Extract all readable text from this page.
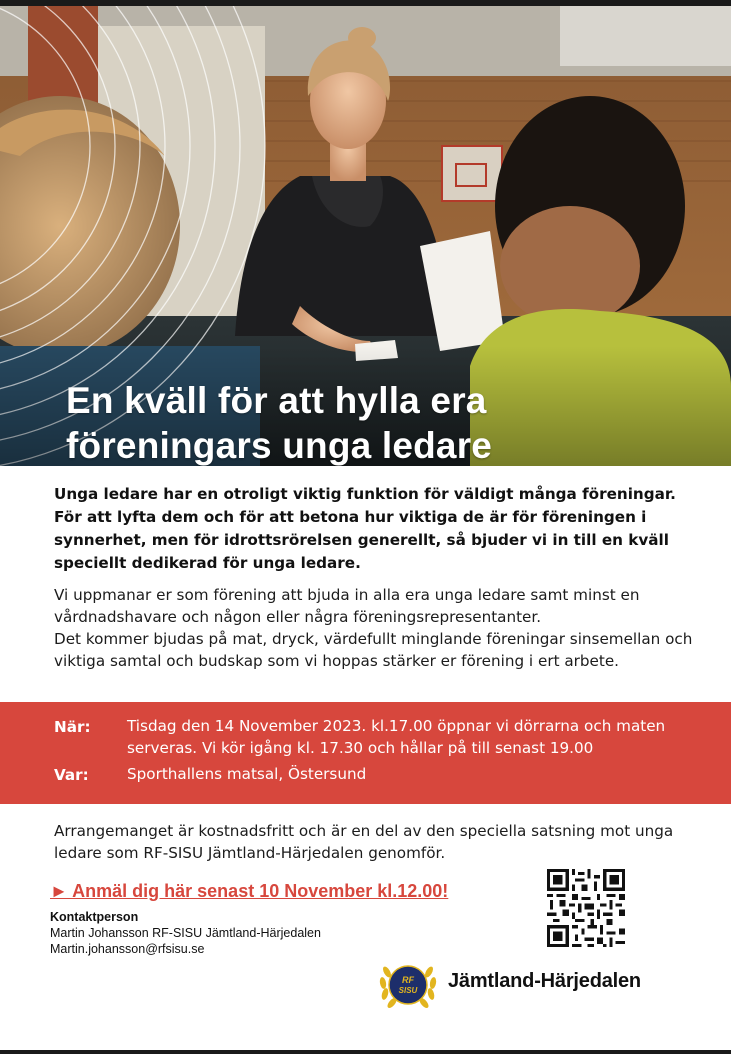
En kväll för att hylla era
föreningars unga ledare

Unga ledare har en otroligt viktig funktion för väldigt många föreningar. För att lyfta dem och för att betona hur viktiga de är för föreningen i synnerhet, men för idrottsrörelsen generellt, så bjuder vi in till en kväll speciellt dedikerad för unga ledare.

Vi uppmanar er som förening att bjuda in alla era unga ledare samt minst en vårdnadshavare och någon eller några föreningsrepresentanter.

Det kommer bjudas på mat, dryck, värdefullt minglande föreningar sinsemellan och viktiga samtal och budskap som vi hoppas stärker er förening i ert arbete.

När: Tisdag den 14 November 2023. kl.17.00 öppnar vi dörrarna och maten serveras. Vi kör igång kl. 17.30 och hållar på till senast 19.00
Var:	Sporthallens matsal, Östersund

Arrangemanget är kostnadsfritt och är en del av den speciella satsning mot unga ledare som RF-SISU Jämtland-Härjedalen genomför.

► Anmäl dig här senast 10 November kl.12.00!
Kontaktperson
Martin Johansson RF-SISU Jämtland-Härjedalen
Martin.johansson@rfsisu.se
RF
SISU Jämtland-Härjedalen
